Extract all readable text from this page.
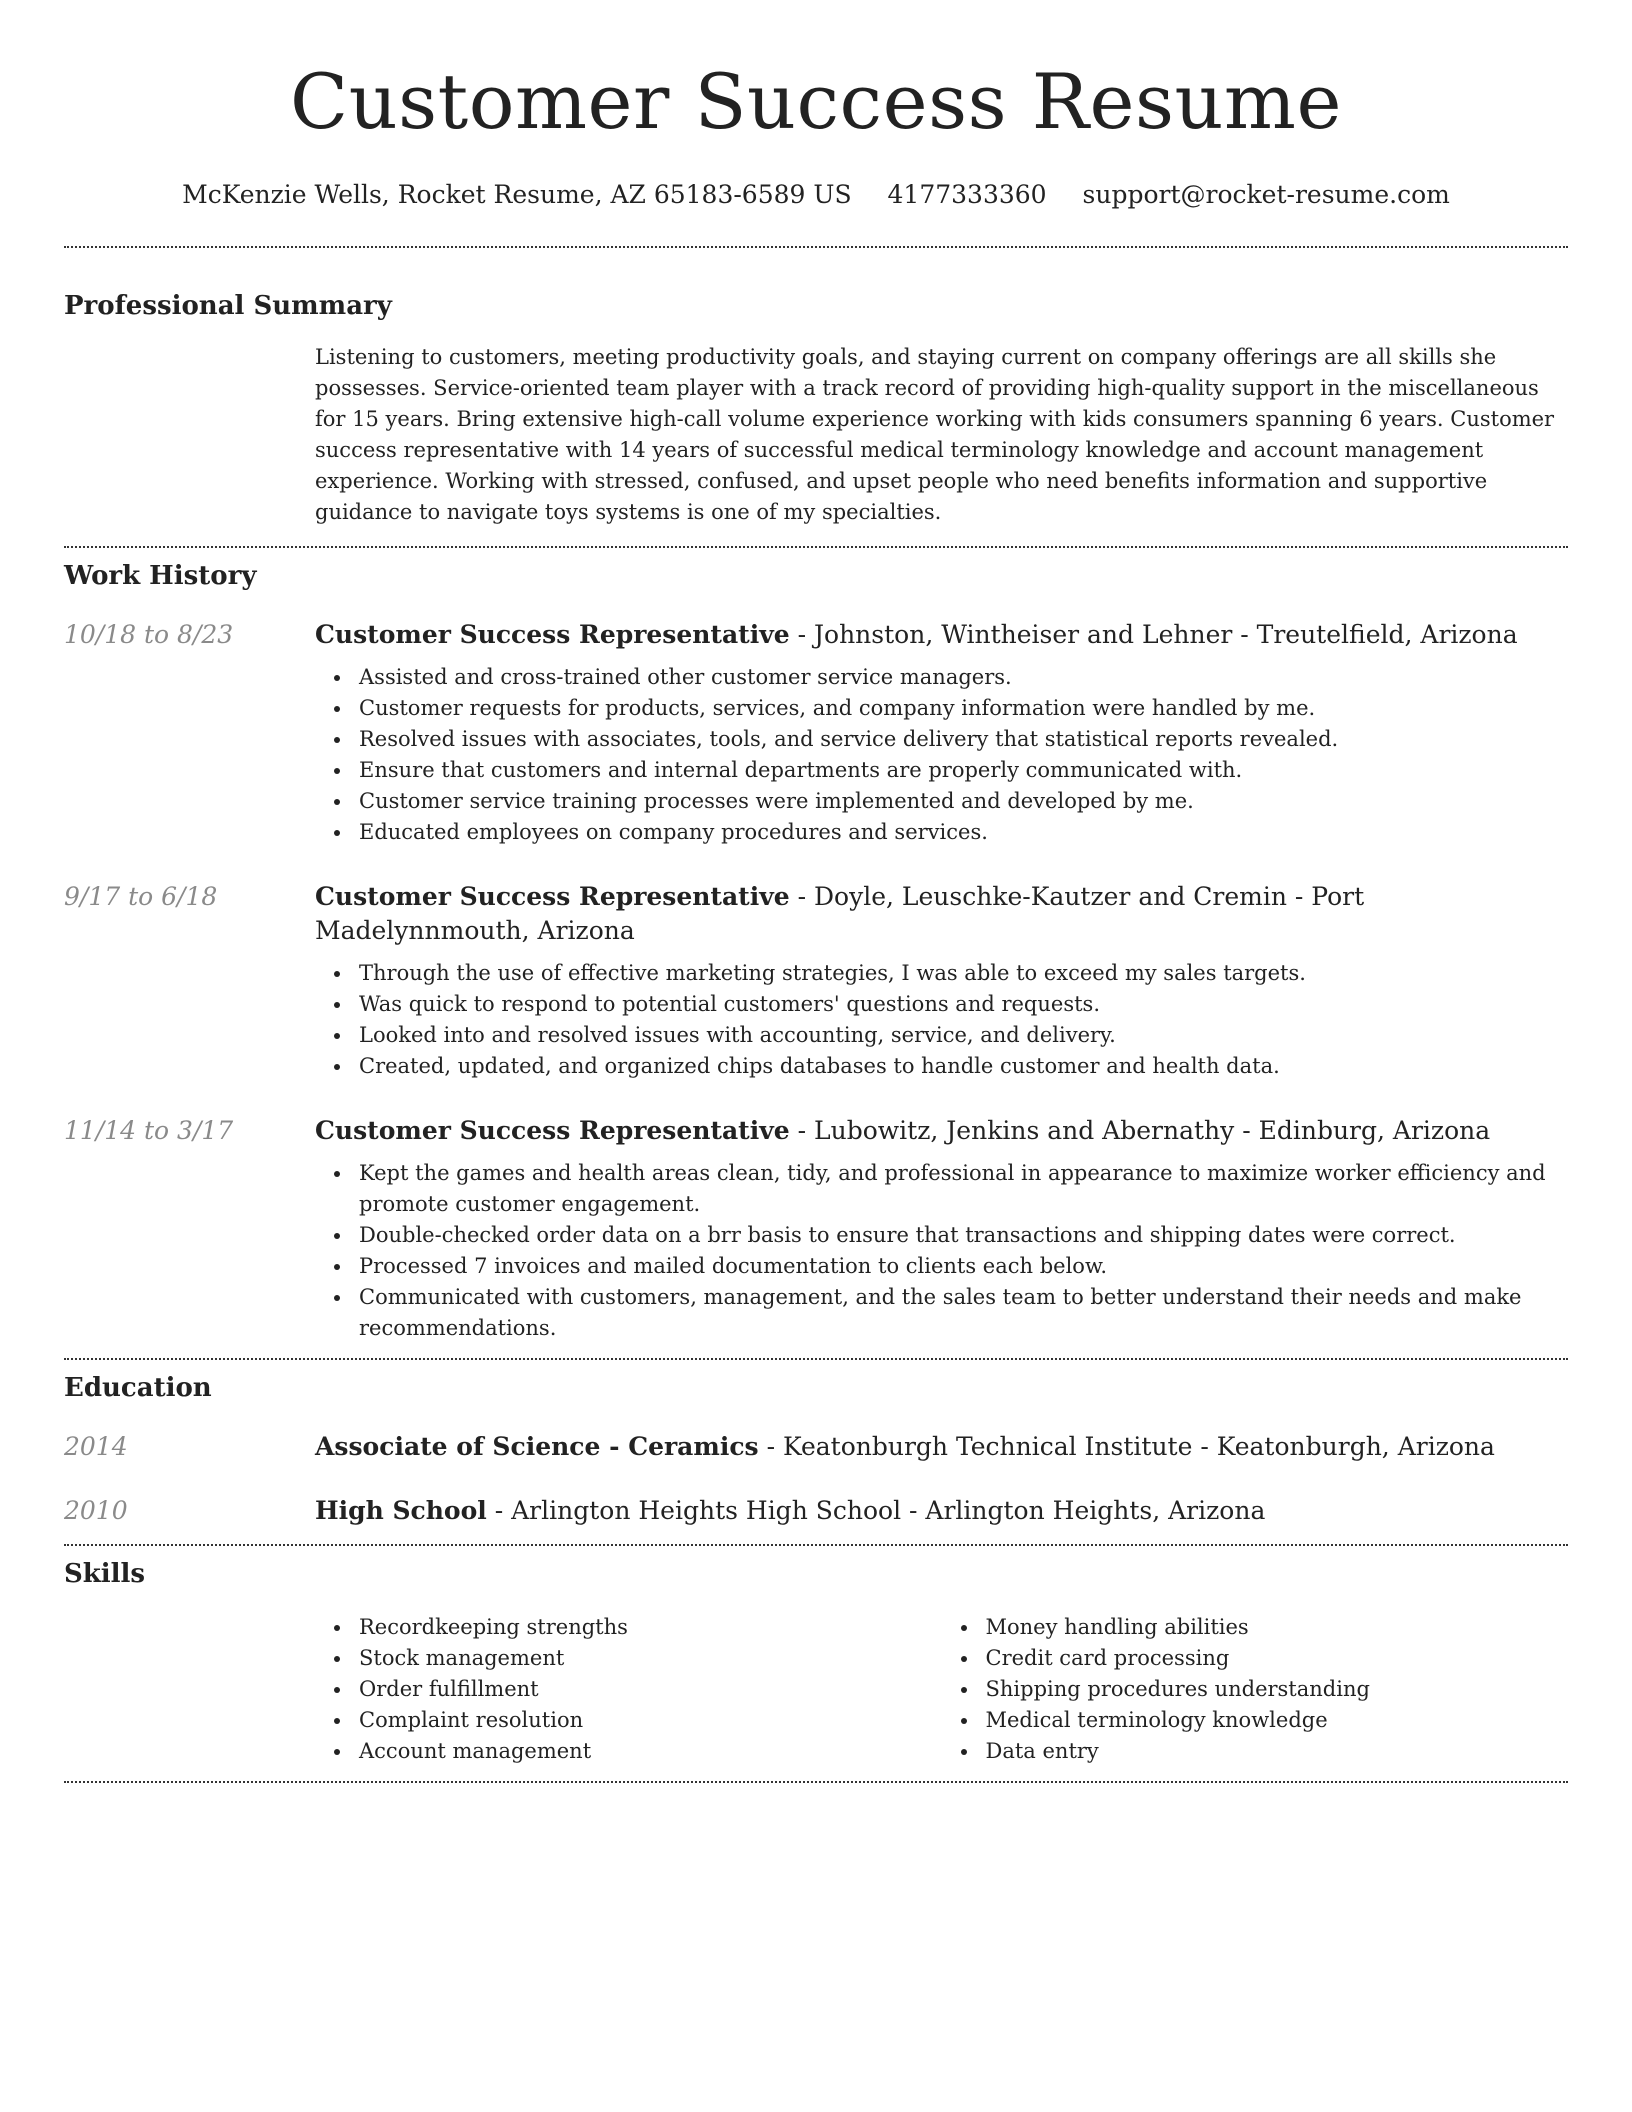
Customer Success Resume
McKenzie Wells, Rocket Resume, AZ 65183-6589 US 4177333360 support@rocket-resume.com
Professional Summary

Listening to customers, meeting productivity goals, and staying current on company offerings are all skills she possesses. Service-oriented team player with a track record of providing high-quality support in the miscellaneous for 15 years. Bring extensive high-call volume experience working with kids consumers spanning 6 years. Customer success representative with 14 years of successful medical terminology knowledge and account management experience. Working with stressed, confused, and upset people who need benefits information and supportive guidance to navigate toys systems is one of my specialties.

Work History
10/18 to 8/23	Customer Success Representative - Johnston, Wintheiser and Lehner - Treutelfield, Arizona

Assisted and cross-trained other customer service managers.
Customer requests for products, services, and company information were handled by me.
Resolved issues with associates, tools, and service delivery that statistical reports revealed.
Ensure that customers and internal departments are properly communicated with.
Customer service training processes were implemented and developed by me.
Educated employees on company procedures and services.
9/17 to 6/18	Customer Success Representative - Doyle, Leuschke-Kautzer and Cremin - Port Madelynnmouth, Arizona

Through the use of effective marketing strategies, I was able to exceed my sales targets.
Was quick to respond to potential customers' questions and requests.
Looked into and resolved issues with accounting, service, and delivery.
Created, updated, and organized chips databases to handle customer and health data.
11/14 to 3/17	Customer Success Representative - Lubowitz, Jenkins and Abernathy - Edinburg, Arizona

Kept the games and health areas clean, tidy, and professional in appearance to maximize worker efficiency and promote customer engagement.
Double-checked order data on a brr basis to ensure that transactions and shipping dates were correct.
Processed 7 invoices and mailed documentation to clients each below.
Communicated with customers, management, and the sales team to better understand their needs and make recommendations.
Education
2014	Associate of Science - Ceramics - Keatonburgh Technical Institute - Keatonburgh, Arizona

2010	High School - Arlington Heights High School - Arlington Heights, Arizona

Skills
Recordkeeping strengths
Stock management
Order fulfillment
Complaint resolution
Account management
Money handling abilities
Credit card processing
Shipping procedures understanding
Medical terminology knowledge
Data entry
